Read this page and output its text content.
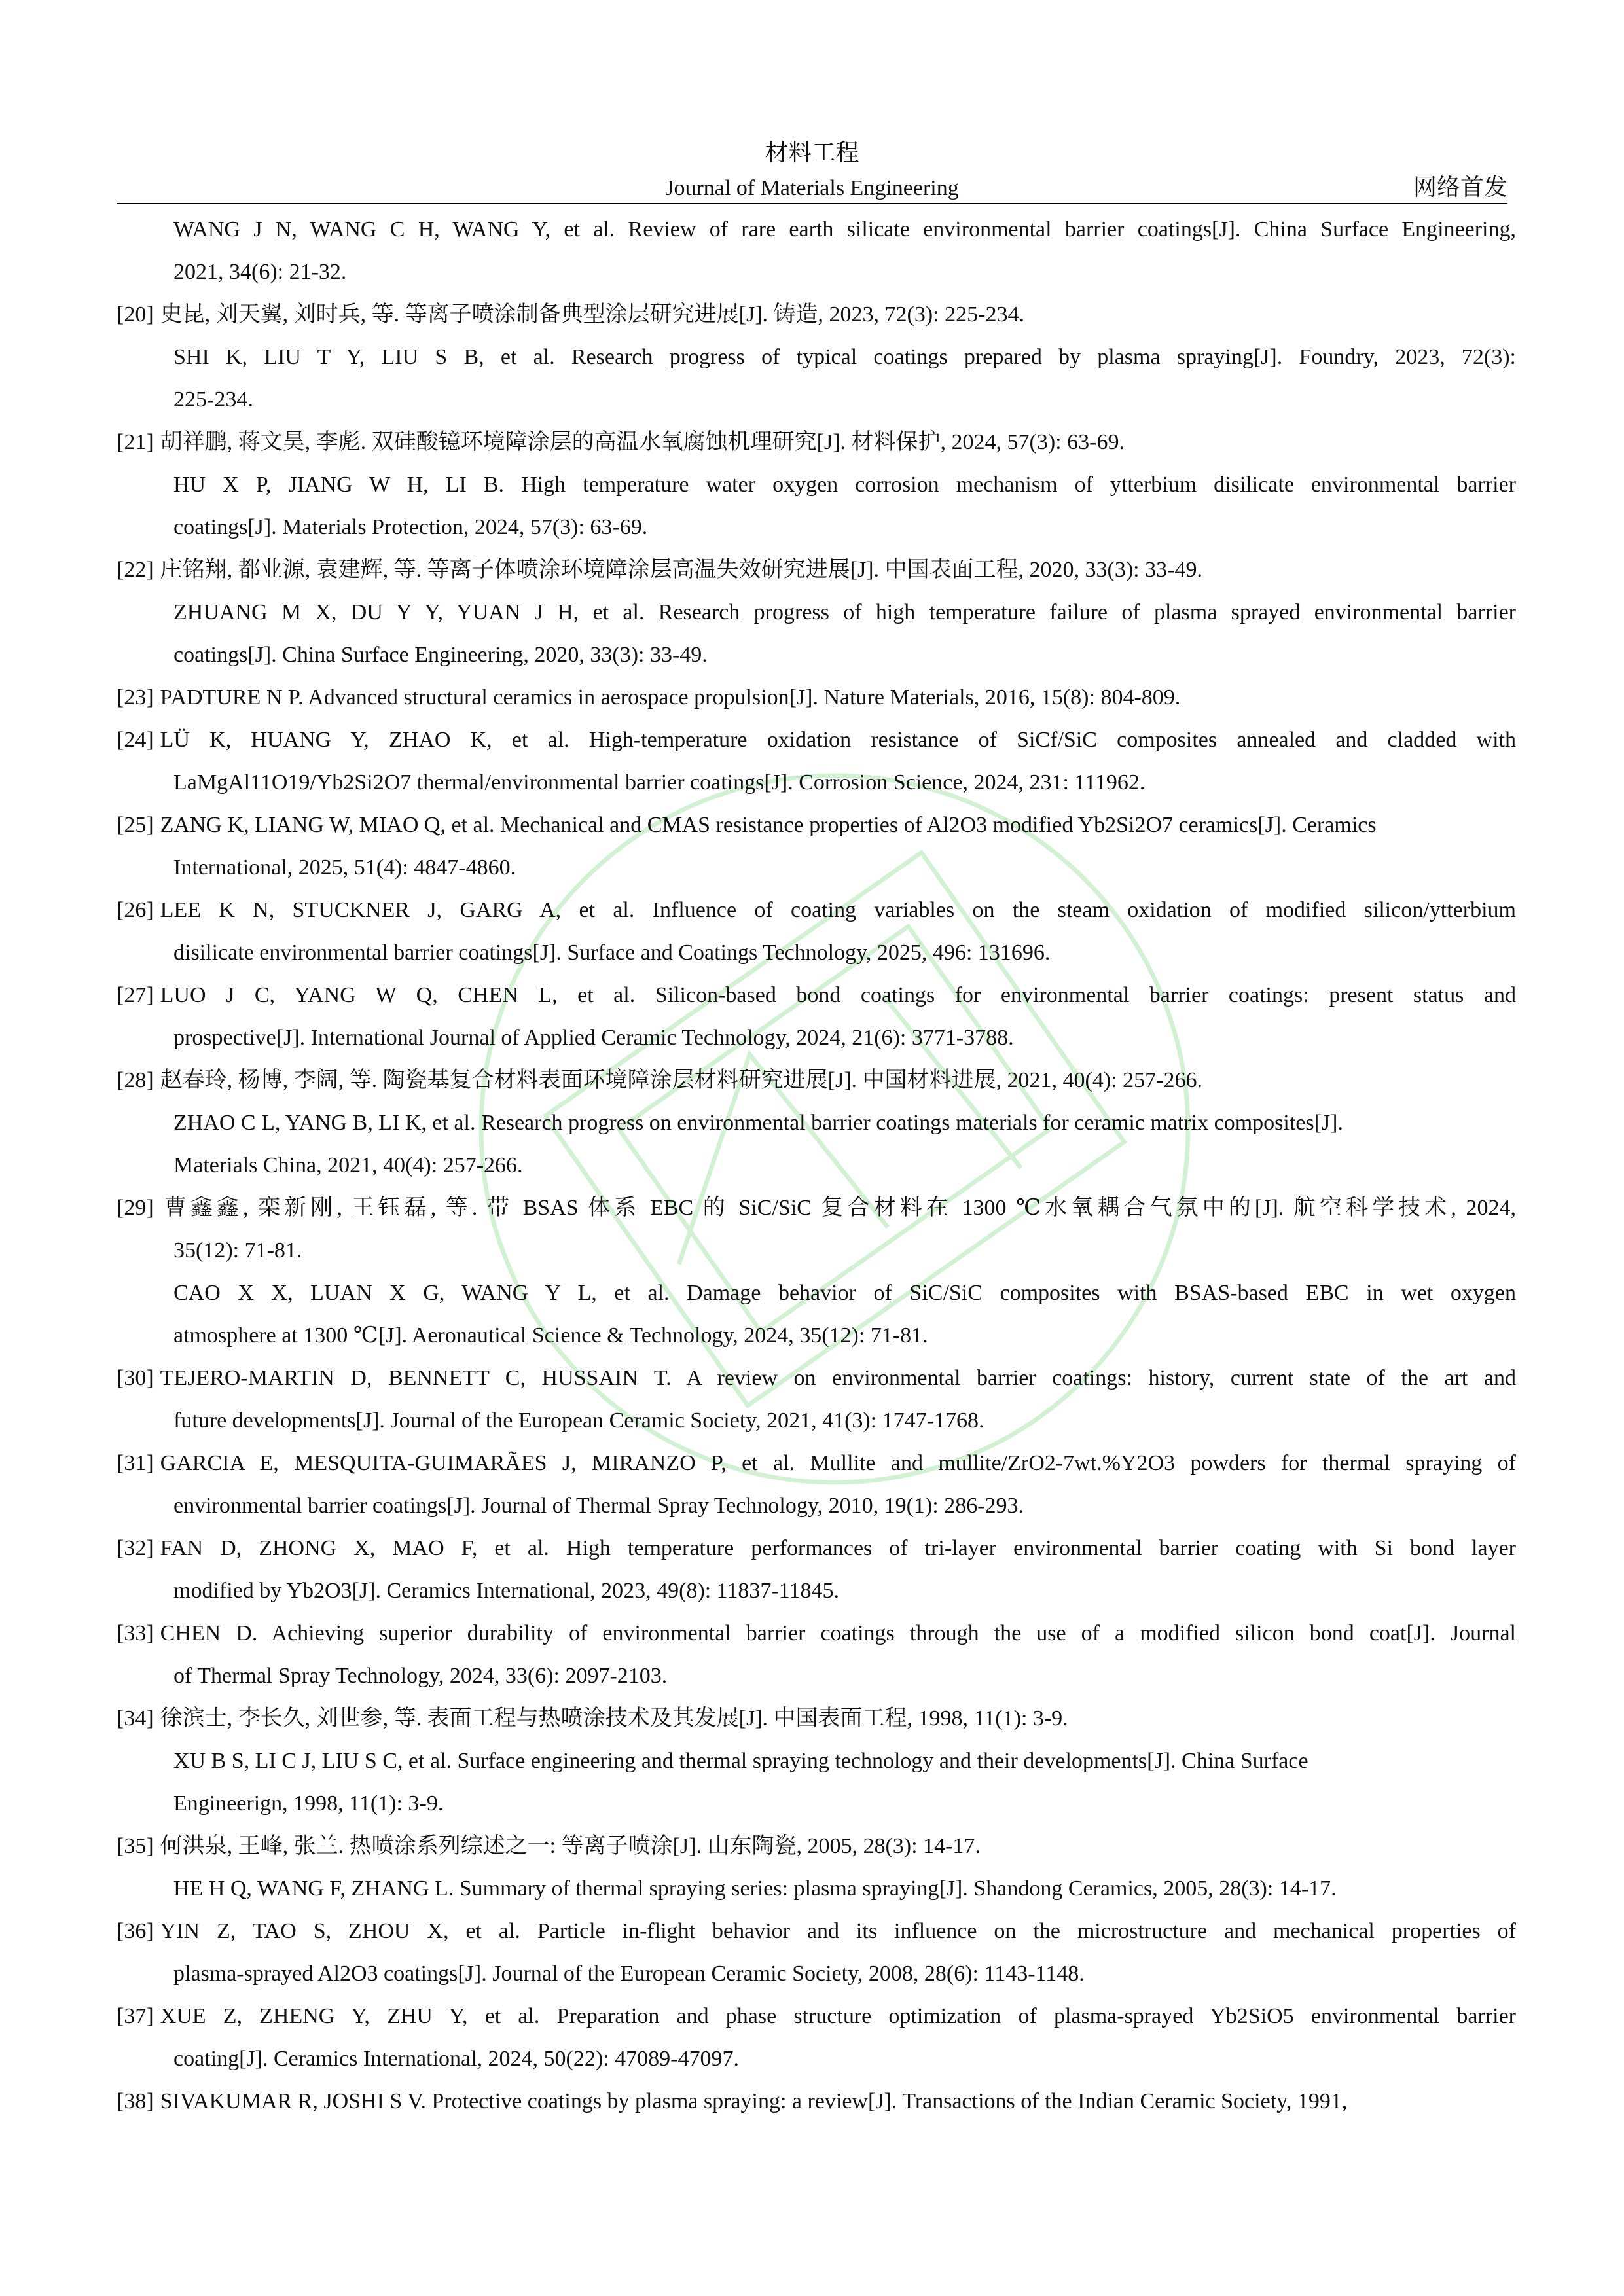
材料工程
Journal of Materials Engineering	网络首发
WANG J N, WANG C H, WANG Y, et al. Review of rare earth silicate environmental barrier coatings[J]. China Surface Engineering,
2021, 34(6): 21-32.
[20] 史昆, 刘天翼, 刘时兵, 等. 等离子喷涂制备典型涂层研究进展[J]. 铸造, 2023, 72(3): 225-234.
SHI K, LIU T Y, LIU S B, et al. Research progress of typical coatings prepared by plasma spraying[J]. Foundry, 2023, 72(3):
225-234.
[21] 胡祥鹏, 蒋文昊, 李彪. 双硅酸镱环境障涂层的高温水氧腐蚀机理研究[J]. 材料保护, 2024, 57(3): 63-69.
HU X P, JIANG W H, LI B. High temperature water oxygen corrosion mechanism of ytterbium disilicate environmental barrier
coatings[J]. Materials Protection, 2024, 57(3): 63-69.
[22] 庄铭翔, 都业源, 袁建辉, 等. 等离子体喷涂环境障涂层高温失效研究进展[J]. 中国表面工程, 2020, 33(3): 33-49.
ZHUANG M X, DU Y Y, YUAN J H, et al. Research progress of high temperature failure of plasma sprayed environmental barrier
coatings[J]. China Surface Engineering, 2020, 33(3): 33-49.
[23] PADTURE N P. Advanced structural ceramics in aerospace propulsion[J]. Nature Materials, 2016, 15(8): 804-809.
[24] LÜ K, HUANG Y, ZHAO K, et al. High-temperature oxidation resistance of SiCf/SiC composites annealed and cladded with
LaMgAl11O19/Yb2Si2O7 thermal/environmental barrier coatings[J]. Corrosion Science, 2024, 231: 111962.
[25] ZANG K, LIANG W, MIAO Q, et al. Mechanical and CMAS resistance properties of Al2O3 modified Yb2Si2O7 ceramics[J]. Ceramics
International, 2025, 51(4): 4847-4860.
[26] LEE K N, STUCKNER J, GARG A, et al. Influence of coating variables on the steam oxidation of modified silicon/ytterbium
disilicate environmental barrier coatings[J]. Surface and Coatings Technology, 2025, 496: 131696.
[27] LUO J C, YANG W Q, CHEN L, et al. Silicon-based bond coatings for environmental barrier coatings: present status and
prospective[J]. International Journal of Applied Ceramic Technology, 2024, 21(6): 3771-3788.
[28] 赵春玲, 杨博, 李阔, 等. 陶瓷基复合材料表面环境障涂层材料研究进展[J]. 中国材料进展, 2021, 40(4): 257-266.
ZHAO C L, YANG B, LI K, et al. Research progress on environmental barrier coatings materials for ceramic matrix composites[J].
Materials China, 2021, 40(4): 257-266.
[29] 曹鑫鑫, 栾新刚, 王钰磊, 等. 带 BSAS 体系 EBC 的 SiC/SiC 复合材料在 1300 ℃水氧耦合气氛中的[J]. 航空科学技术, 2024,
35(12): 71-81.
CAO X X, LUAN X G, WANG Y L, et al. Damage behavior of SiC/SiC composites with BSAS-based EBC in wet oxygen
atmosphere at 1300 ℃[J]. Aeronautical Science & Technology, 2024, 35(12): 71-81.
[30] TEJERO-MARTIN D, BENNETT C, HUSSAIN T. A review on environmental barrier coatings: history, current state of the art and
future developments[J]. Journal of the European Ceramic Society, 2021, 41(3): 1747-1768.
[31] GARCIA E, MESQUITA-GUIMARÃES J, MIRANZO P, et al. Mullite and mullite/ZrO2-7wt.%Y2O3 powders for thermal spraying of
environmental barrier coatings[J]. Journal of Thermal Spray Technology, 2010, 19(1): 286-293.
[32] FAN D, ZHONG X, MAO F, et al. High temperature performances of tri-layer environmental barrier coating with Si bond layer
modified by Yb2O3[J]. Ceramics International, 2023, 49(8): 11837-11845.
[33] CHEN D. Achieving superior durability of environmental barrier coatings through the use of a modified silicon bond coat[J]. Journal
of Thermal Spray Technology, 2024, 33(6): 2097-2103.
[34] 徐滨士, 李长久, 刘世参, 等. 表面工程与热喷涂技术及其发展[J]. 中国表面工程, 1998, 11(1): 3-9.
XU B S, LI C J, LIU S C, et al. Surface engineering and thermal spraying technology and their developments[J]. China Surface
Engineerign, 1998, 11(1): 3-9.
[35] 何洪泉, 王峰, 张兰. 热喷涂系列综述之一: 等离子喷涂[J]. 山东陶瓷, 2005, 28(3): 14-17.
HE H Q, WANG F, ZHANG L. Summary of thermal spraying series: plasma spraying[J]. Shandong Ceramics, 2005, 28(3): 14-17.
[36] YIN Z, TAO S, ZHOU X, et al. Particle in-flight behavior and its influence on the microstructure and mechanical properties of
plasma-sprayed Al2O3 coatings[J]. Journal of the European Ceramic Society, 2008, 28(6): 1143-1148.
[37] XUE Z, ZHENG Y, ZHU Y, et al. Preparation and phase structure optimization of plasma-sprayed Yb2SiO5 environmental barrier
coating[J]. Ceramics International, 2024, 50(22): 47089-47097.
[38] SIVAKUMAR R, JOSHI S V. Protective coatings by plasma spraying: a review[J]. Transactions of the Indian Ceramic Society, 1991,
